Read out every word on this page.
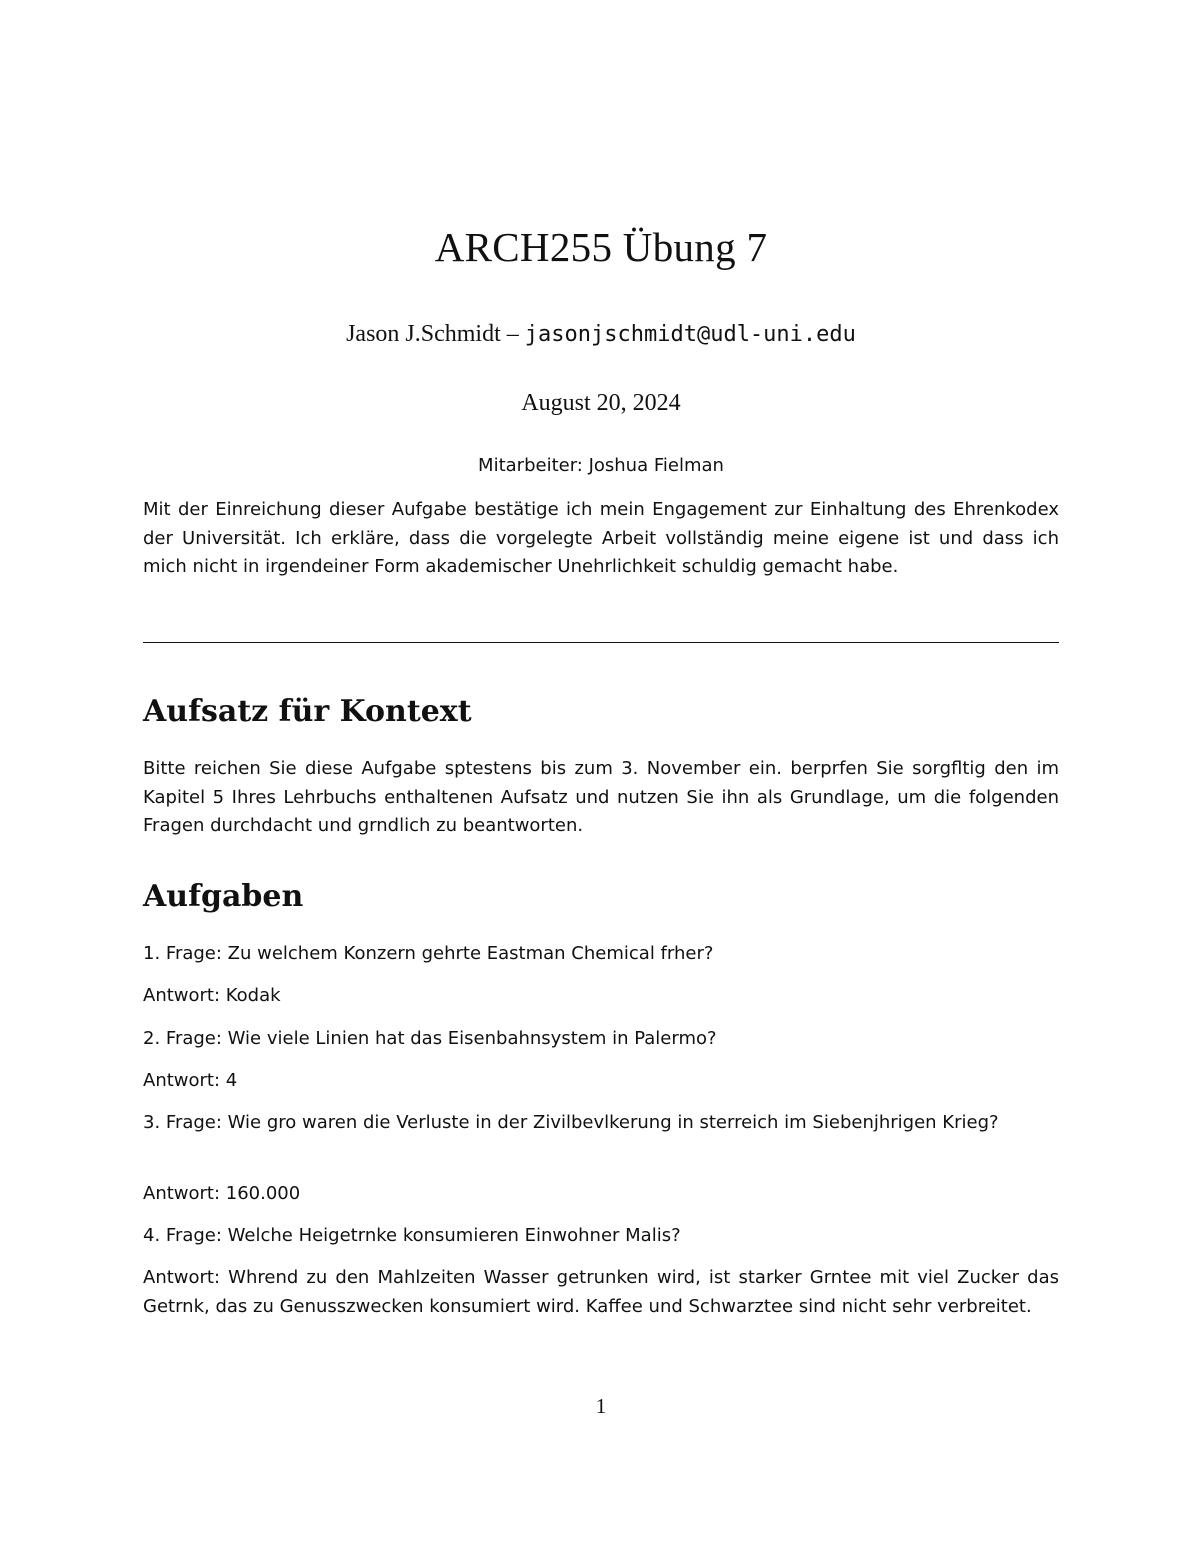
ARCH255 Übung 7
Jason J.Schmidt – jasonjschmidt@udl-uni.edu
August 20, 2024
Mitarbeiter: Joshua Fielman

Mit der Einreichung dieser Aufgabe bestätige ich mein Engagement zur Einhaltung des Ehrenkodex der Universität. Ich erkläre, dass die vorgelegte Arbeit vollständig meine eigene ist und dass ich mich nicht in irgendeiner Form akademischer Unehrlichkeit schuldig gemacht habe.

Aufsatz für Kontext

Bitte reichen Sie diese Aufgabe sptestens bis zum 3. November ein. berprfen Sie sorgfltig den im Kapitel 5 Ihres Lehrbuchs enthaltenen Aufsatz und nutzen Sie ihn als Grundlage, um die folgenden Fragen durchdacht und grndlich zu beantworten.

Aufgaben

1. Frage: Zu welchem Konzern gehrte Eastman Chemical frher?

Antwort: Kodak

2. Frage: Wie viele Linien hat das Eisenbahnsystem in Palermo?

Antwort: 4

3. Frage: Wie gro waren die Verluste in der Zivilbevlkerung in sterreich im Siebenjhrigen Krieg?

Antwort: 160.000

4. Frage: Welche Heigetrnke konsumieren Einwohner Malis?

Antwort: Whrend zu den Mahlzeiten Wasser getrunken wird, ist starker Grntee mit viel Zucker das Getrnk, das zu Genusszwecken konsumiert wird. Kaffee und Schwarztee sind nicht sehr verbreitet.

1
